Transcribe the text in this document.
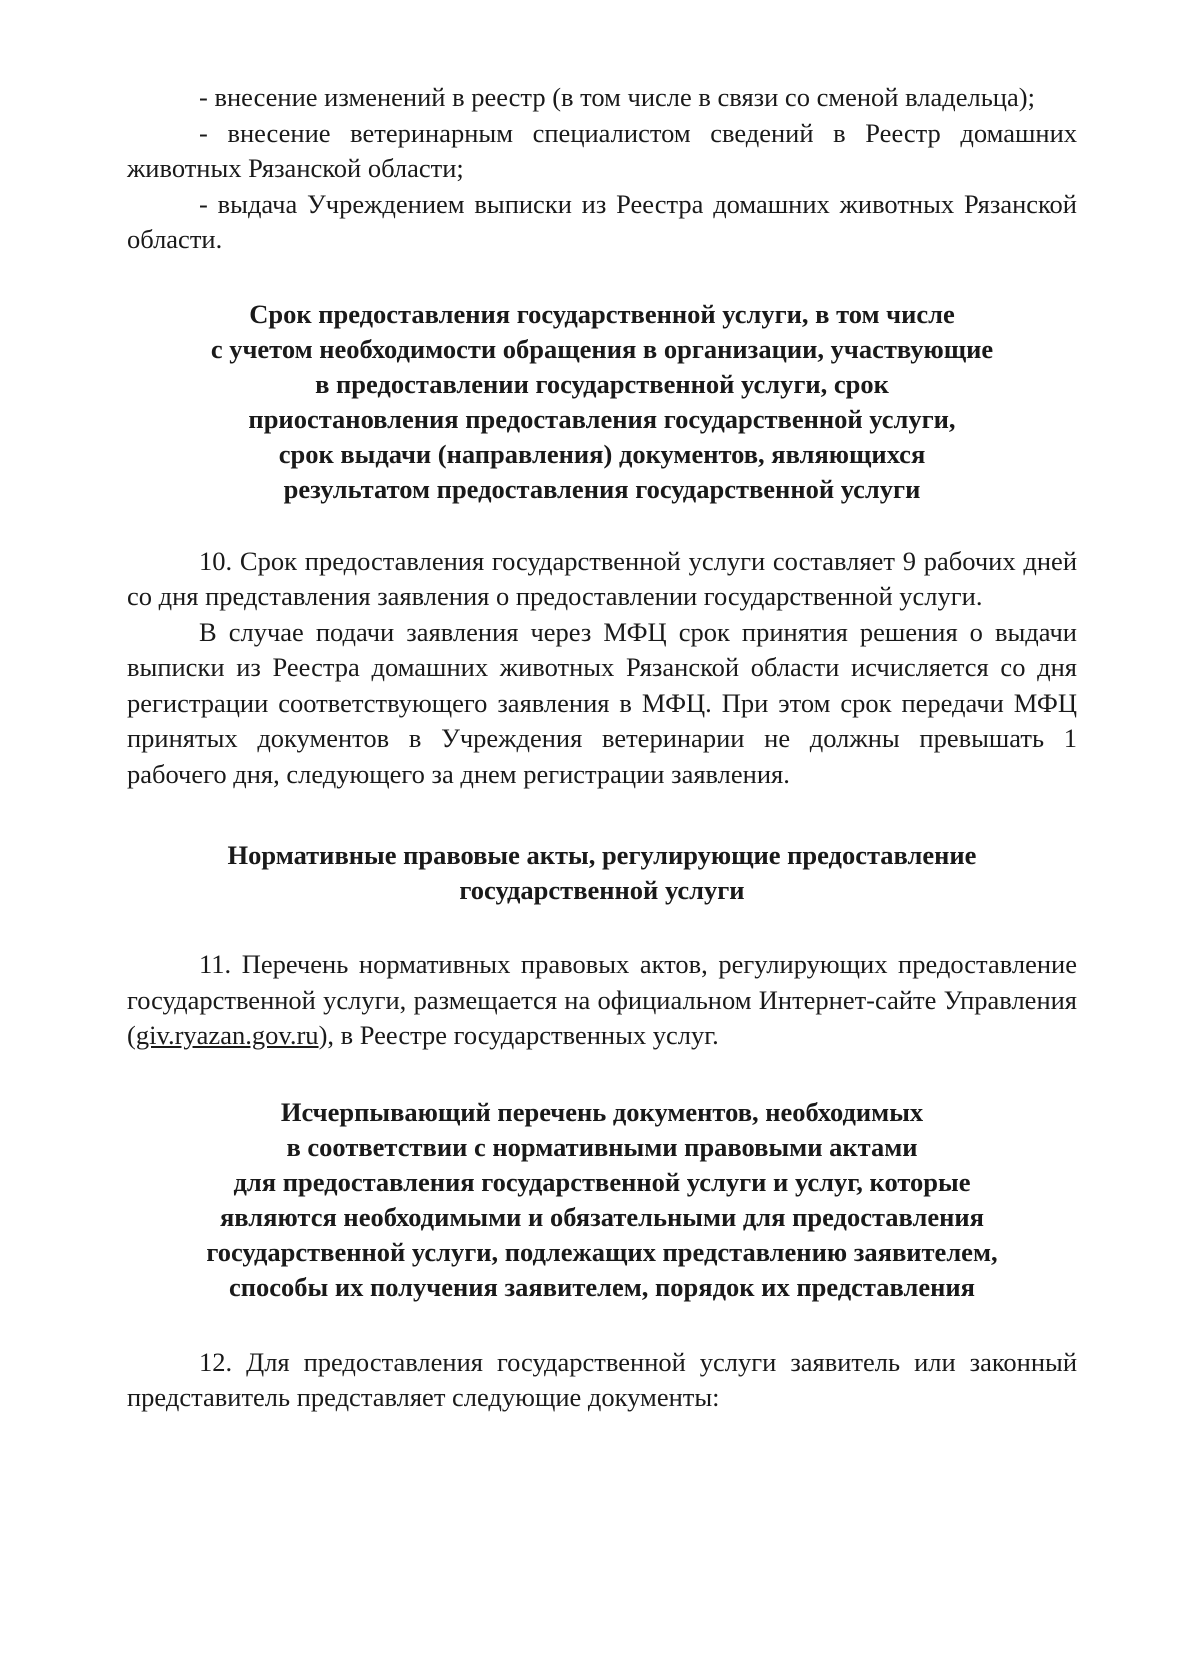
- внесение изменений в реестр (в том числе в связи со сменой владельца);

- внесение ветеринарным специалистом сведений в Реестр домашних животных Рязанской области;

- выдача Учреждением выписки из Реестра домашних животных Рязанской области.

Срок предоставления государственной услуги, в том числе
с учетом необходимости обращения в организации, участвующие
в предоставлении государственной услуги, срок
приостановления предоставления государственной услуги,
срок выдачи (направления) документов, являющихся
результатом предоставления государственной услуги

10. Срок предоставления государственной услуги составляет 9 рабочих дней со дня представления заявления о предоставлении государственной услуги.

В случае подачи заявления через МФЦ срок принятия решения о выдачи выписки из Реестра домашних животных Рязанской области исчисляется со дня регистрации соответствующего заявления в МФЦ. При этом срок передачи МФЦ принятых документов в Учреждения ветеринарии не должны превышать 1 рабочего дня, следующего за днем регистрации заявления.

Нормативные правовые акты, регулирующие предоставление
государственной услуги

11. Перечень нормативных правовых актов, регулирующих предоставление государственной услуги, размещается на официальном Интернет-сайте Управления (giv.ryazan.gov.ru), в Реестре государственных услуг.

Исчерпывающий перечень документов, необходимых
в соответствии с нормативными правовыми актами
для предоставления государственной услуги и услуг, которые
являются необходимыми и обязательными для предоставления
государственной услуги, подлежащих представлению заявителем,
способы их получения заявителем, порядок их представления

12. Для предоставления государственной услуги заявитель или законный представитель представляет следующие документы:
